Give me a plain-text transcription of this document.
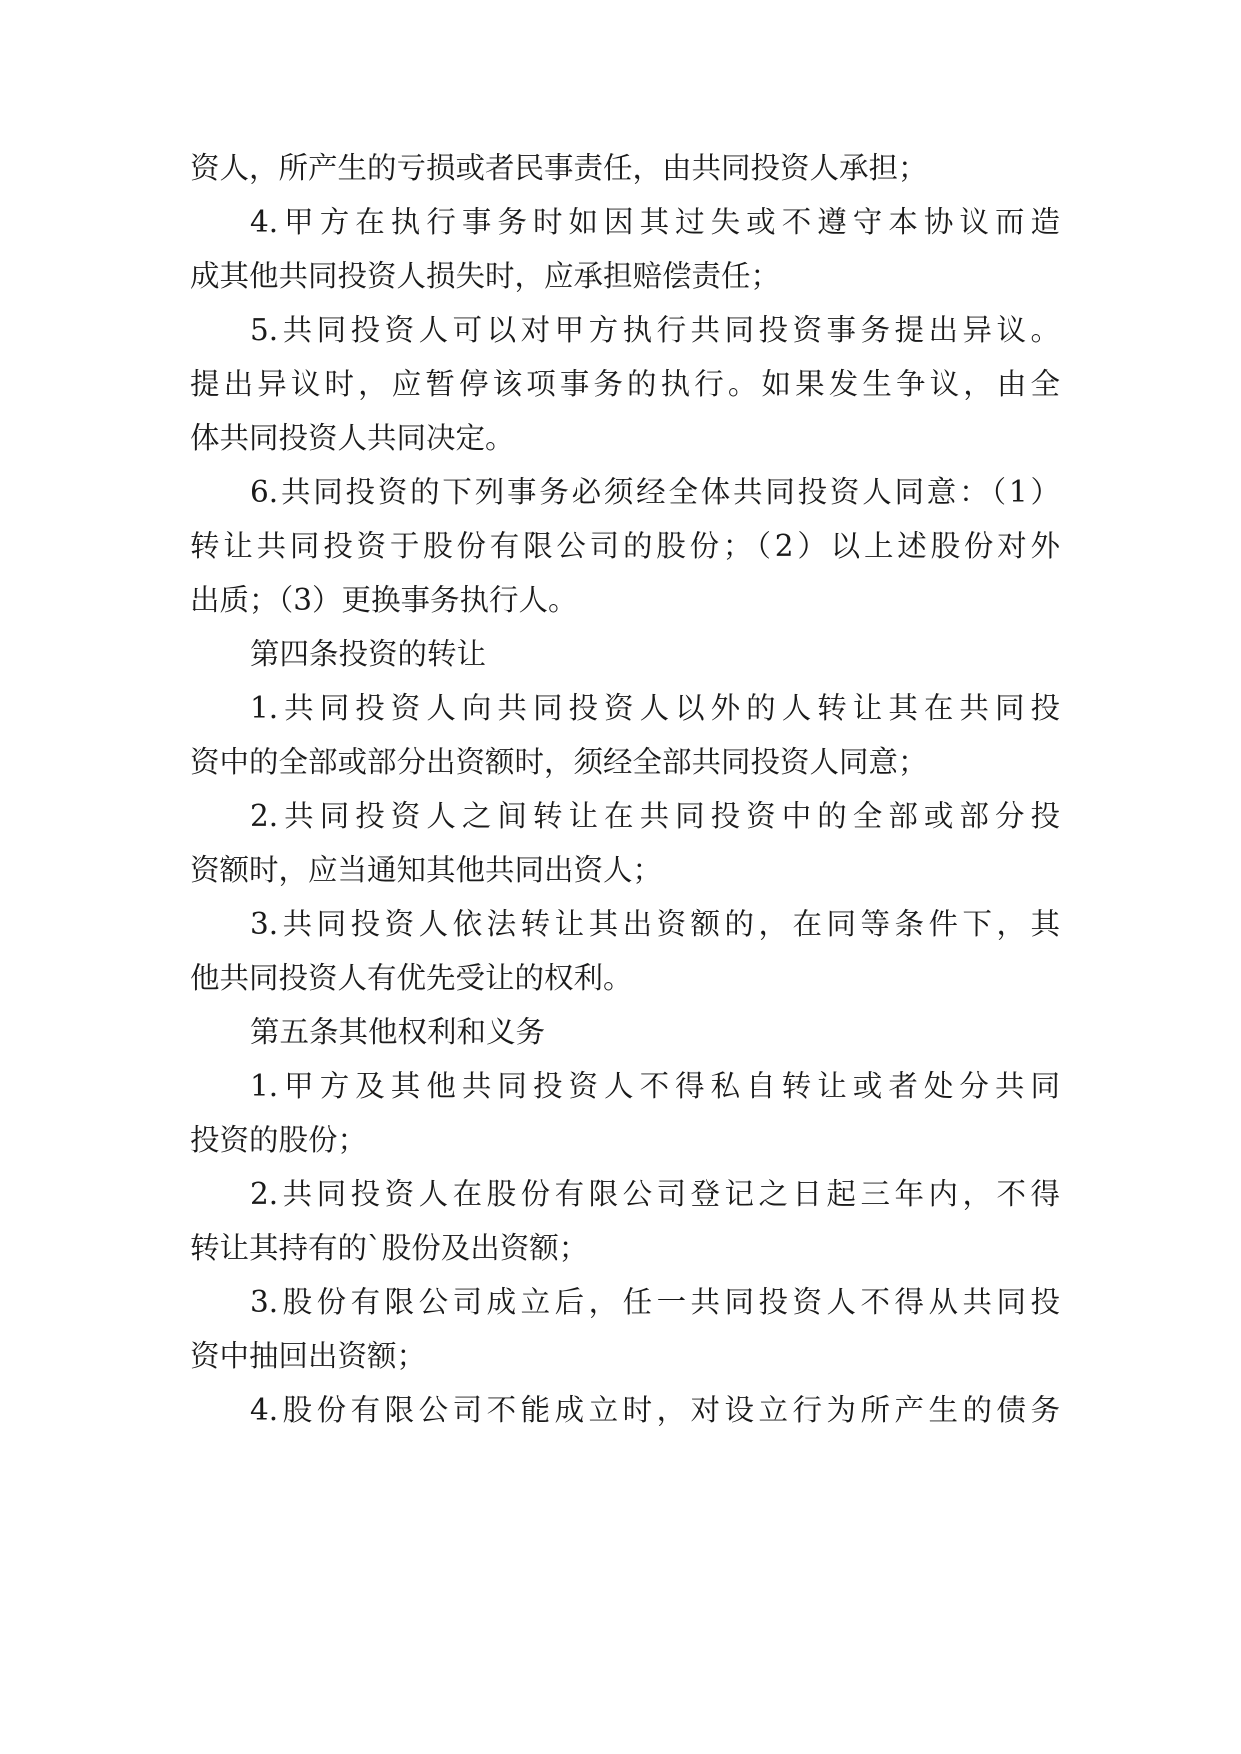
资人，所产生的亏损或者民事责任，由共同投资人承担；
4.甲方在执行事务时如因其过失或不遵守本协议而造
成其他共同投资人损失时，应承担赔偿责任；
5.共同投资人可以对甲方执行共同投资事务提出异议。
提出异议时，应暂停该项事务的执行。如果发生争议，由全
体共同投资人共同决定。
6.共同投资的下列事务必须经全体共同投资人同意：（1）
转让共同投资于股份有限公司的股份；（2）以上述股份对外
出质；（3）更换事务执行人。
第四条投资的转让
1.共同投资人向共同投资人以外的人转让其在共同投
资中的全部或部分出资额时，须经全部共同投资人同意；
2.共同投资人之间转让在共同投资中的全部或部分投
资额时，应当通知其他共同出资人；
3.共同投资人依法转让其出资额的，在同等条件下，其
他共同投资人有优先受让的权利。
第五条其他权利和义务
1.甲方及其他共同投资人不得私自转让或者处分共同
投资的股份；
2.共同投资人在股份有限公司登记之日起三年内，不得
转让其持有的`股份及出资额；
3.股份有限公司成立后，任一共同投资人不得从共同投
资中抽回出资额；
4.股份有限公司不能成立时，对设立行为所产生的债务
